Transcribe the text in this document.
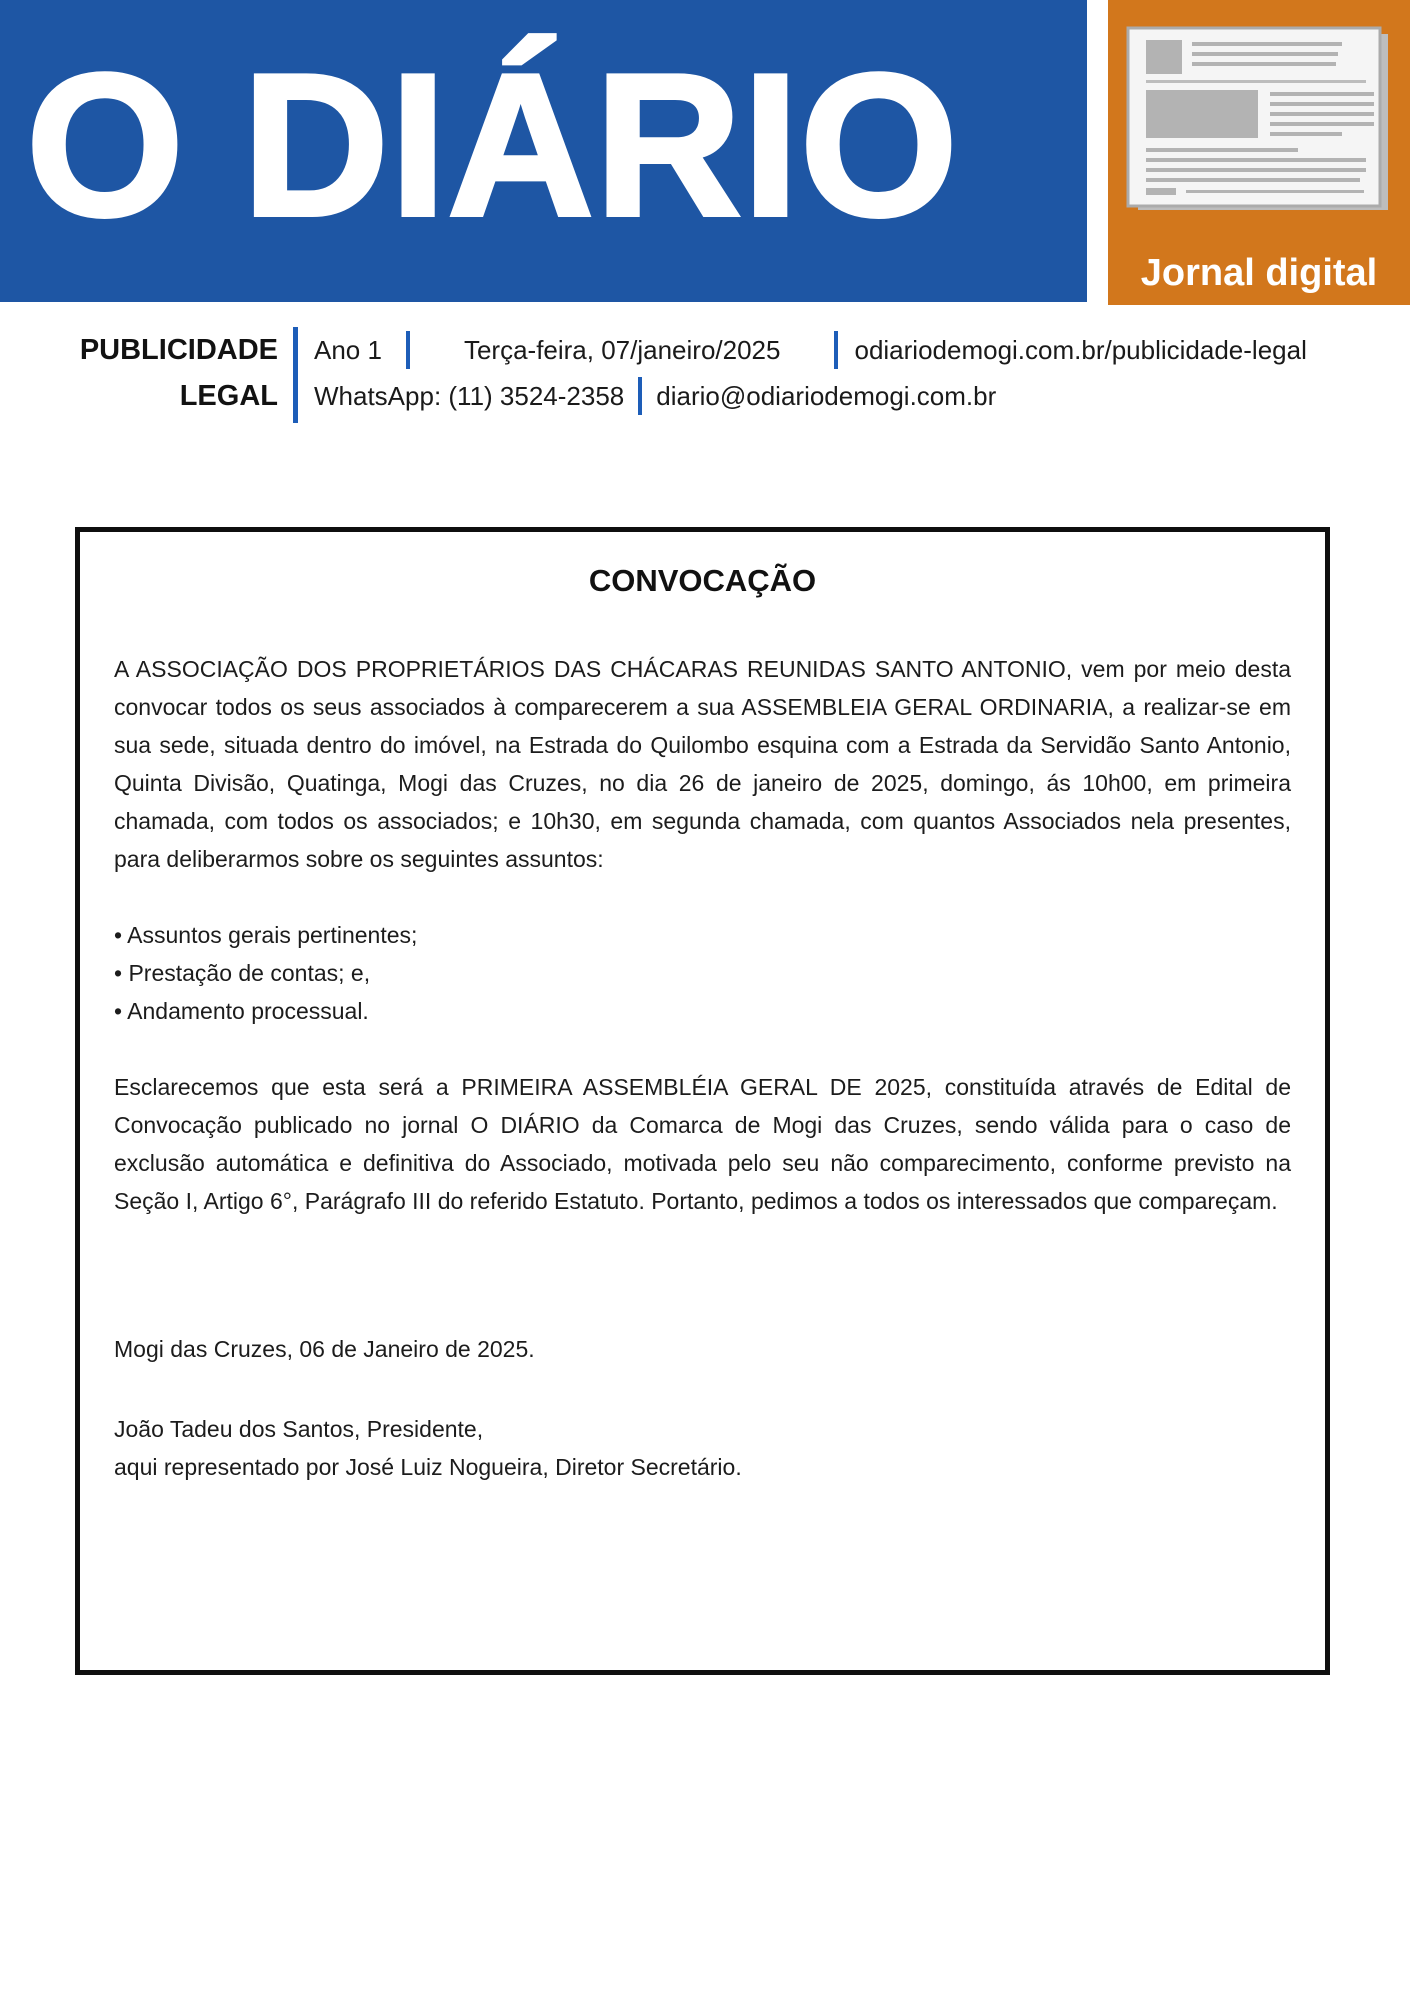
O DIÁRIO
Jornal digital
PUBLICIDADE
LEGAL
Ano 1	Terça-feira, 07/janeiro/2025	odiariodemogi.com.br/publicidade-legal
WhatsApp: (11) 3524-2358 diario@odiariodemogi.com.br
CONVOCAÇÃO

A ASSOCIAÇÃO DOS PROPRIETÁRIOS DAS CHÁCARAS REUNIDAS SANTO ANTONIO, vem por meio desta convocar todos os seus associados à comparecerem a sua ASSEMBLEIA GERAL ORDINARIA, a realizar-se em sua sede, situada dentro do imóvel, na Estrada do Quilombo esquina com a Estrada da Servidão Santo Antonio, Quinta Divisão, Quatinga, Mogi das Cruzes, no dia 26 de janeiro de 2025, domingo, ás 10h00, em primeira chamada, com todos os associados; e 10h30, em segunda chamada, com quantos Associados nela presentes, para deliberarmos sobre os seguintes assuntos:

• Assuntos gerais pertinentes;
• Prestação de contas; e,
• Andamento processual.

Esclarecemos que esta será a PRIMEIRA ASSEMBLÉIA GERAL DE 2025, constituída através de Edital de Convocação publicado no jornal O DIÁRIO da Comarca de Mogi das Cruzes, sendo válida para o caso de exclusão automática e definitiva do Associado, motivada pelo seu não comparecimento, conforme previsto na Seção I, Artigo 6°, Parágrafo III do referido Estatuto. Portanto, pedimos a todos os interessados que compareçam.

Mogi das Cruzes, 06 de Janeiro de 2025.

João Tadeu dos Santos, Presidente,
aqui representado por José Luiz Nogueira, Diretor Secretário.
